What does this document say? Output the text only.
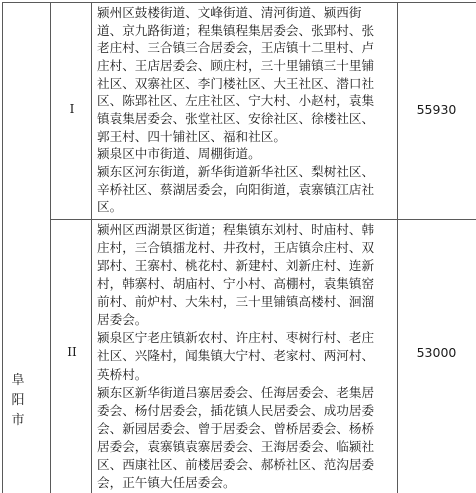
阜阳市
I	55930
颍州区鼓楼街道、文峰街道、清河街道、颍西街
道、京九路街道；程集镇程集居委会、张郢村、张
老庄村、三合镇三合居委会，王店镇十二里村、卢
庄村、王店居委会、顾庄村，三十里铺镇三十里铺
社区、双寨社区、李门楼社区、大王社区、潜口社
区、陈郢社区、左庄社区、宁大村、小赵村，袁集
镇袁集居委会、张堂社区、安徐社区、徐楼社区、
郭王村、四十铺社区、福和社区。
颍泉区中市街道、周棚街道。
颍东区河东街道，新华街道新华社区、梨树社区、
辛桥社区、蔡湖居委会，向阳街道，袁寨镇江店社
区。
II	53000
颍州区西湖景区街道；程集镇东刘村、时庙村、韩
庄村，三合镇擂龙村、井孜村，王店镇佘庄村、双
郢村、王寨村、桃花村、新建村、刘新庄村、连新
村，韩寨村、胡庙村、宁小村、高棚村，袁集镇窑
前村、前炉村、大朱村，三十里铺镇高楼村、洄溜
居委会。
颍泉区宁老庄镇新农村、许庄村、枣树行村、老庄
社区、兴隆村，闻集镇大宁村、老家村、两河村、
英桥村。
颍东区新华街道吕寨居委会、任海居委会、老集居
委会、杨付居委会，插花镇人民居委会、成功居委
会、新园居委会、曾于居委会、曾桥居委会、杨桥
居委会，袁寨镇袁寨居委会、王海居委会、临颍社
区、西康社区、前楼居委会、郝桥社区、范沟居委
会，正午镇大任居委会。
